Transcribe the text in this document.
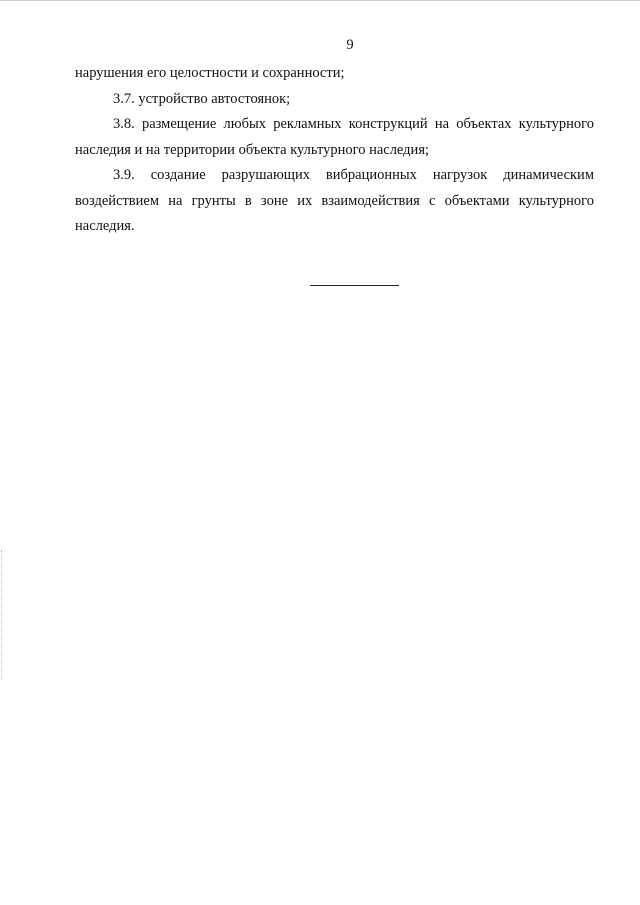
9

нарушения его целостности и сохранности;

3.7. устройство автостоянок;

3.8. размещение любых рекламных конструкций на объектах культурного наследия и на территории объекта культурного наследия;

3.9. создание разрушающих вибрационных нагрузок динамическим воздействием на грунты в зоне их взаимодействия с объектами культурного наследия.
